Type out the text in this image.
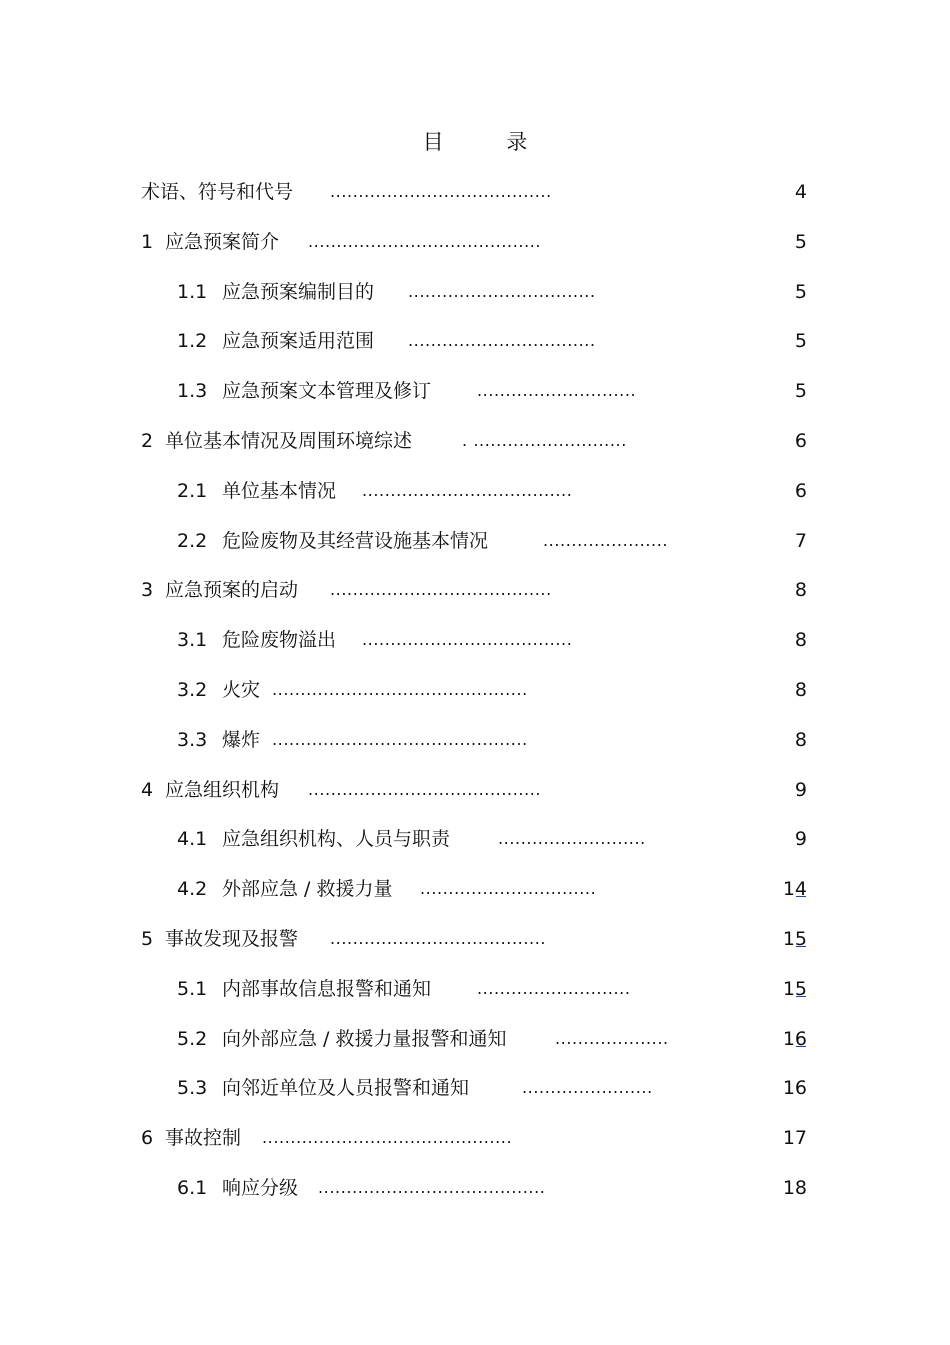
目 录
术语、符号和代号 .......................................	4
1 应急预案简介 .........................................	5
1.1 应急预案编制目的 .................................	5
1.2 应急预案适用范围 .................................	5
1.3 应急预案文本管理及修订	............................	5
2 单位基本情况及周围环境综述	. ...........................	6
2.1 单位基本情况 .....................................	6
2.2 危险废物及其经营设施基本情况	......................	7
3 应急预案的启动 .......................................	8
3.1 危险废物溢出 .....................................	8
3.2 火灾 .............................................	8
3.3 爆炸 .............................................	8
4 应急组织机构 .........................................	9
4.1 应急组织机构、人员与职责	..........................	9
4.2 外部应急 / 救援力量 ...............................	14
5 事故发现及报警 ......................................	15
5.1 内部事故信息报警和通知	...........................	15
5.2 向外部应急 / 救援力量报警和通知	....................	16
5.3 向邻近单位及人员报警和通知	.......................	16
6 事故控制 ............................................	17
6.1 响应分级 ........................................	18
